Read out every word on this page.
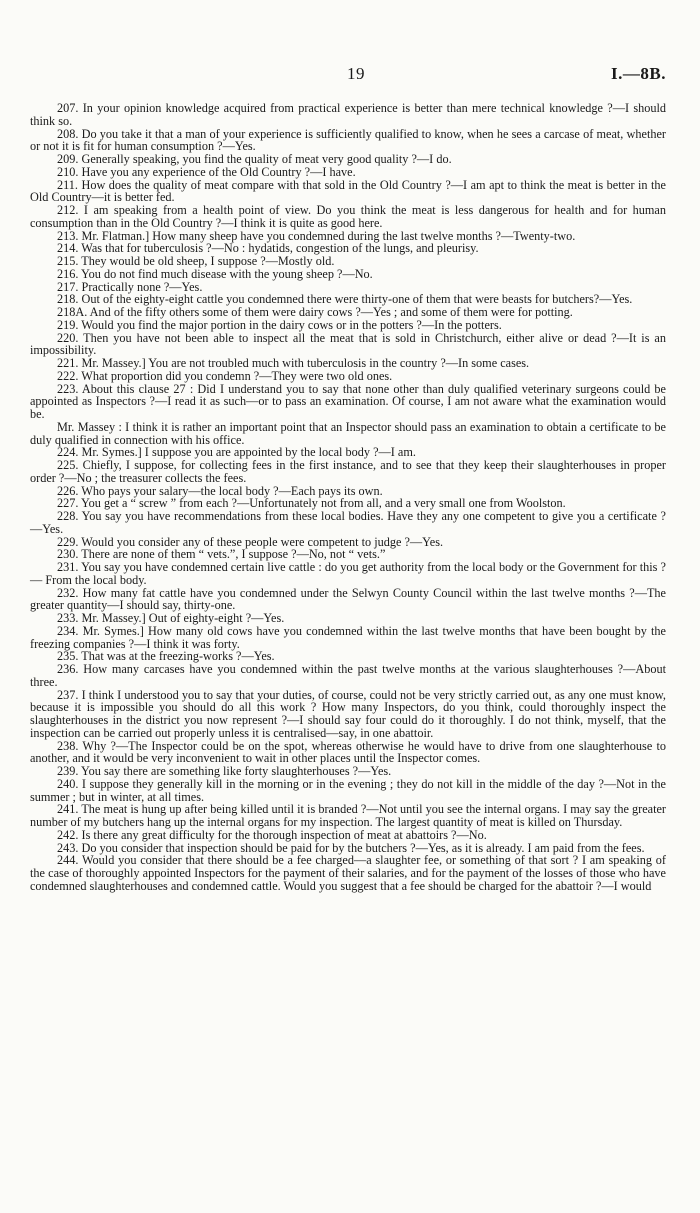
19	I.—8B.

207. In your opinion knowledge acquired from practical experience is better than mere technical knowledge ?—I should think so.

208. Do you take it that a man of your experience is sufficiently qualified to know, when he sees a carcase of meat, whether or not it is fit for human consumption ?—Yes.

209. Generally speaking, you find the quality of meat very good quality ?—I do.

210. Have you any experience of the Old Country ?—I have.

211. How does the quality of meat compare with that sold in the Old Country ?—I am apt to think the meat is better in the Old Country—it is better fed.

212. I am speaking from a health point of view. Do you think the meat is less dangerous for health and for human consumption than in the Old Country ?—I think it is quite as good here.

213. Mr. Flatman.] How many sheep have you condemned during the last twelve months ?—Twenty-two.

214. Was that for tuberculosis ?—No : hydatids, congestion of the lungs, and pleurisy.

215. They would be old sheep, I suppose ?—Mostly old.

216. You do not find much disease with the young sheep ?—No.

217. Practically none ?—Yes.

218. Out of the eighty-eight cattle you condemned there were thirty-one of them that were beasts for butchers?—Yes.

218A. And of the fifty others some of them were dairy cows ?—Yes ; and some of them were for potting.

219. Would you find the major portion in the dairy cows or in the potters ?—In the potters.

220. Then you have not been able to inspect all the meat that is sold in Christchurch, either alive or dead ?—It is an impossibility.

221. Mr. Massey.] You are not troubled much with tuberculosis in the country ?—In some cases.

222. What proportion did you condemn ?—They were two old ones.

223. About this clause 27 : Did I understand you to say that none other than duly qualified veterinary surgeons could be appointed as Inspectors ?—I read it as such—or to pass an examination. Of course, I am not aware what the examination would be.

Mr. Massey : I think it is rather an important point that an Inspector should pass an examination to obtain a certificate to be duly qualified in connection with his office.

224. Mr. Symes.] I suppose you are appointed by the local body ?—I am.

225. Chiefly, I suppose, for collecting fees in the first instance, and to see that they keep their slaughterhouses in proper order ?—No ; the treasurer collects the fees.

226. Who pays your salary—the local body ?—Each pays its own.

227. You get a “ screw ” from each ?—Unfortunately not from all, and a very small one from Woolston.

228. You say you have recommendations from these local bodies. Have they any one competent to give you a certificate ?—Yes.

229. Would you consider any of these people were competent to judge ?—Yes.

230. There are none of them “ vets.”, I suppose ?—No, not “ vets.”

231. You say you have condemned certain live cattle : do you get authority from the local body or the Government for this ?— From the local body.

232. How many fat cattle have you condemned under the Selwyn County Council within the last twelve months ?—The greater quantity—I should say, thirty-one.

233. Mr. Massey.] Out of eighty-eight ?—Yes.

234. Mr. Symes.] How many old cows have you condemned within the last twelve months that have been bought by the freezing companies ?—I think it was forty.

235. That was at the freezing-works ?—Yes.

236. How many carcases have you condemned within the past twelve months at the various slaughterhouses ?—About three.

237. I think I understood you to say that your duties, of course, could not be very strictly carried out, as any one must know, because it is impossible you should do all this work ? How many Inspectors, do you think, could thoroughly inspect the slaughterhouses in the district you now represent ?—I should say four could do it thoroughly. I do not think, myself, that the inspection can be carried out properly unless it is centralised—say, in one abattoir.

238. Why ?—The Inspector could be on the spot, whereas otherwise he would have to drive from one slaughterhouse to another, and it would be very inconvenient to wait in other places until the Inspector comes.

239. You say there are something like forty slaughterhouses ?—Yes.

240. I suppose they generally kill in the morning or in the evening ; they do not kill in the middle of the day ?—Not in the summer ; but in winter, at all times.

241. The meat is hung up after being killed until it is branded ?—Not until you see the internal organs. I may say the greater number of my butchers hang up the internal organs for my inspection. The largest quantity of meat is killed on Thursday.

242. Is there any great difficulty for the thorough inspection of meat at abattoirs ?—No.

243. Do you consider that inspection should be paid for by the butchers ?—Yes, as it is already. I am paid from the fees.

244. Would you consider that there should be a fee charged—a slaughter fee, or something of that sort ? I am speaking of the case of thoroughly appointed Inspectors for the payment of their salaries, and for the payment of the losses of those who have condemned slaughterhouses and condemned cattle. Would you suggest that a fee should be charged for the abattoir ?—I would
